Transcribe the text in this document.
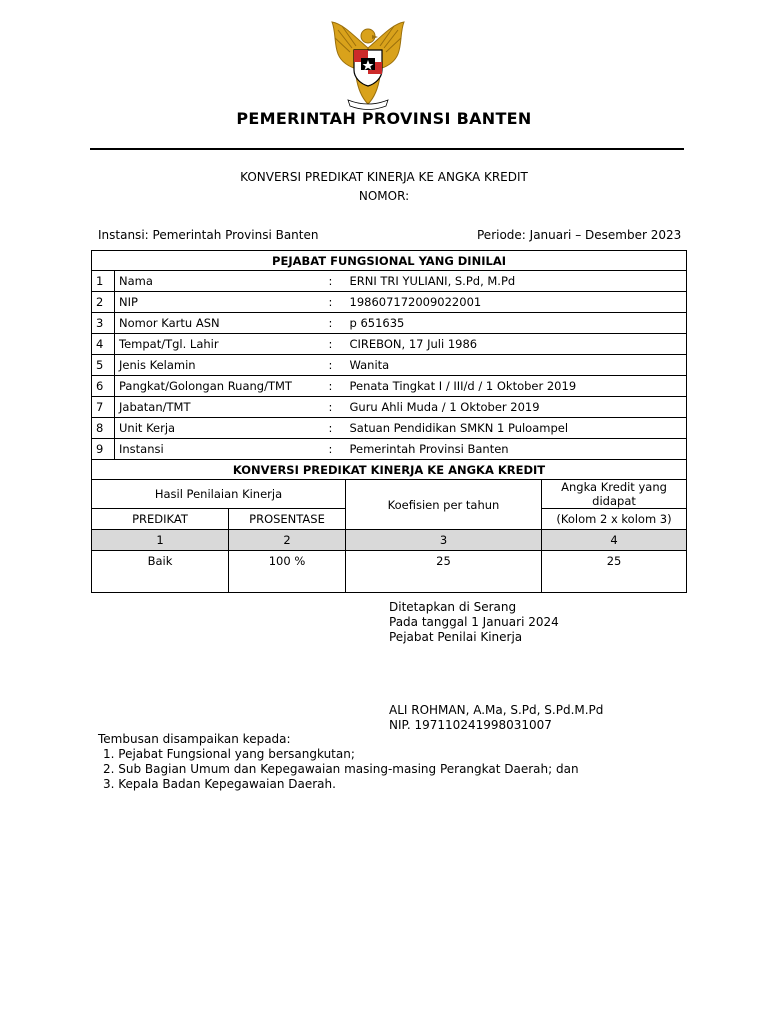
PEMERINTAH PROVINSI BANTEN
KONVERSI PREDIKAT KINERJA KE ANGKA KREDIT
NOMOR:
Instansi: Pemerintah Provinsi Banten	Periode: Januari – Desember 2023
PEJABAT FUNGSIONAL YANG DINILAI					
1	Nama		:	ERNI TRI YULIANI, S.Pd, M.Pd	
2	NIP		:	198607172009022001	
3	Nomor Kartu ASN		:	p 651635	
4	Tempat/Tgl. Lahir		:	CIREBON, 17 Juli 1986	
5	Jenis Kelamin		:	Wanita	
6	Pangkat/Golongan Ruang/TMT		:	Penata Tingkat I / III/d / 1 Oktober 2019	
7	Jabatan/TMT		:	Guru Ahli Muda / 1 Oktober 2019	
8	Unit Kerja		:	Satuan Pendidikan SMKN 1 Puloampel	
9	Instansi		:	Pemerintah Provinsi Banten	
KONVERSI PREDIKAT KINERJA KE ANGKA KREDIT					
Hasil Penilaian Kinerja				Koefisien per tahun	Angka Kredit yang didapat
PREDIKAT		PROSENTASE			(Kolom 2 x kolom 3)
1		2		3	4
Baik		100 %		25	25
Ditetapkan di Serang
Pada tanggal 1 Januari 2024
Pejabat Penilai Kinerja
ALI ROHMAN, A.Ma, S.Pd, S.Pd.M.Pd
NIP. 197110241998031007
Tembusan disampaikan kepada:
1. Pejabat Fungsional yang bersangkutan;
2. Sub Bagian Umum dan Kepegawaian masing-masing Perangkat Daerah; dan
3. Kepala Badan Kepegawaian Daerah.
